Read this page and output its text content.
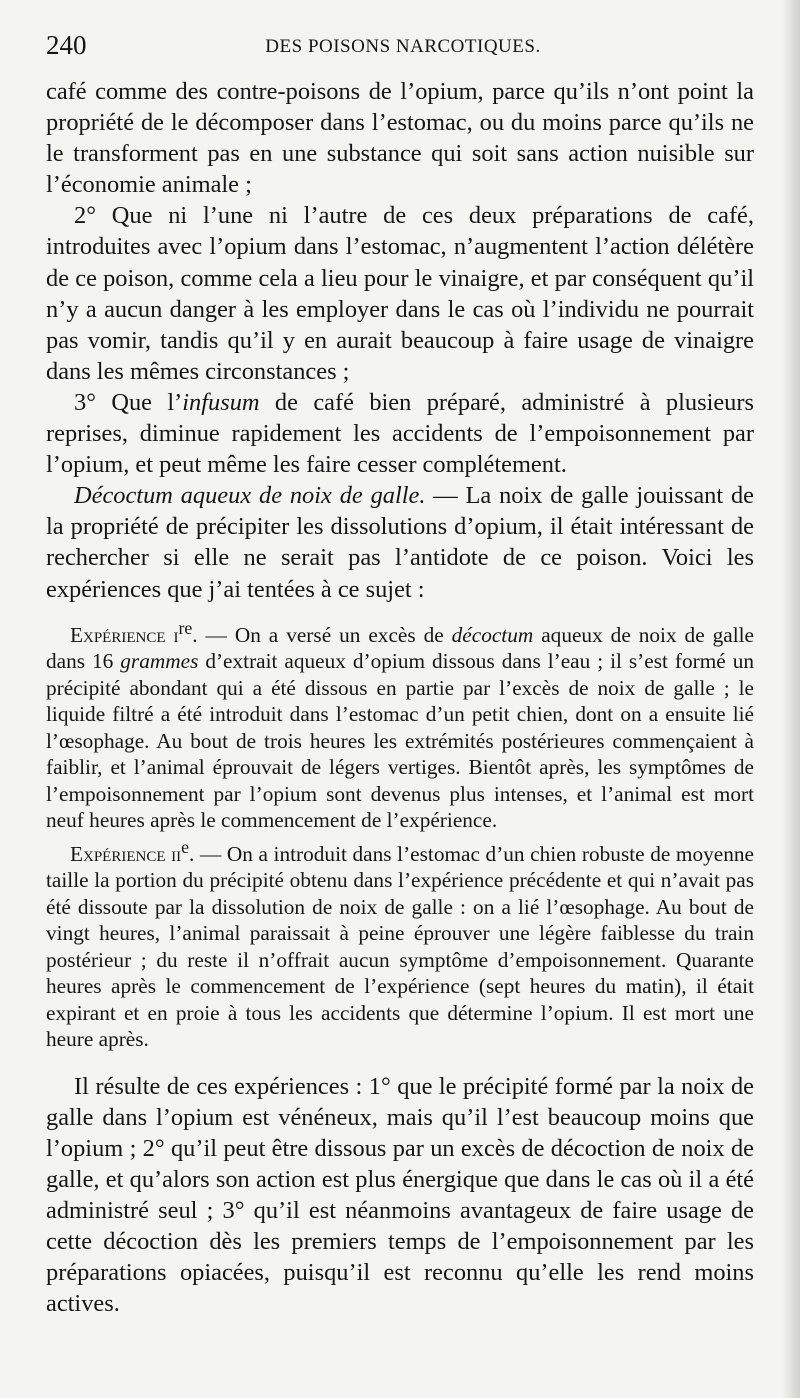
240	DES POISONS NARCOTIQUES.

café comme des contre-poisons de l’opium, parce qu’ils n’ont point la propriété de le décomposer dans l’estomac, ou du moins parce qu’ils ne le transforment pas en une substance qui soit sans action nuisible sur l’économie animale ;

2° Que ni l’une ni l’autre de ces deux préparations de café, introduites avec l’opium dans l’estomac, n’augmentent l’action délétère de ce poison, comme cela a lieu pour le vinaigre, et par conséquent qu’il n’y a aucun danger à les employer dans le cas où l’individu ne pourrait pas vomir, tandis qu’il y en aurait beaucoup à faire usage de vinaigre dans les mêmes circonstances ;

3° Que l’infusum de café bien préparé, administré à plusieurs reprises, diminue rapidement les accidents de l’empoisonnement par l’opium, et peut même les faire cesser complétement.

Décoctum aqueux de noix de galle. — La noix de galle jouissant de la propriété de précipiter les dissolutions d’opium, il était intéressant de rechercher si elle ne serait pas l’antidote de ce poison. Voici les expériences que j’ai tentées à ce sujet :

Expérience $i^{re}$. — On a versé un excès de décoctum aqueux de noix de galle dans 16 grammes d’extrait aqueux d’opium dissous dans l’eau ; il s’est formé un précipité abondant qui a été dissous en partie par l’excès de noix de galle ; le liquide filtré a été introduit dans l’estomac d’un petit chien, dont on a ensuite lié l’œsophage. Au bout de trois heures les extrémités postérieures commençaient à faiblir, et l’animal éprouvait de légers vertiges. Bientôt après, les symptômes de l’empoisonnement par l’opium sont devenus plus intenses, et l’animal est mort neuf heures après le commencement de l’expérience.

Expérience $ii^e$. — On a introduit dans l’estomac d’un chien robuste de moyenne taille la portion du précipité obtenu dans l’expérience précédente et qui n’avait pas été dissoute par la dissolution de noix de galle : on a lié l’œsophage. Au bout de vingt heures, l’animal paraissait à peine éprouver une légère faiblesse du train postérieur ; du reste il n’offrait aucun symptôme d’empoisonnement. Quarante heures après le commencement de l’expérience (sept heures du matin), il était expirant et en proie à tous les accidents que détermine l’opium. Il est mort une heure après.

Il résulte de ces expériences : 1° que le précipité formé par la noix de galle dans l’opium est vénéneux, mais qu’il l’est beaucoup moins que l’opium ; 2° qu’il peut être dissous par un excès de décoction de noix de galle, et qu’alors son action est plus énergique que dans le cas où il a été administré seul ; 3° qu’il est néanmoins avantageux de faire usage de cette décoction dès les premiers temps de l’empoisonnement par les préparations opiacées, puisqu’il est reconnu qu’elle les rend moins actives.
